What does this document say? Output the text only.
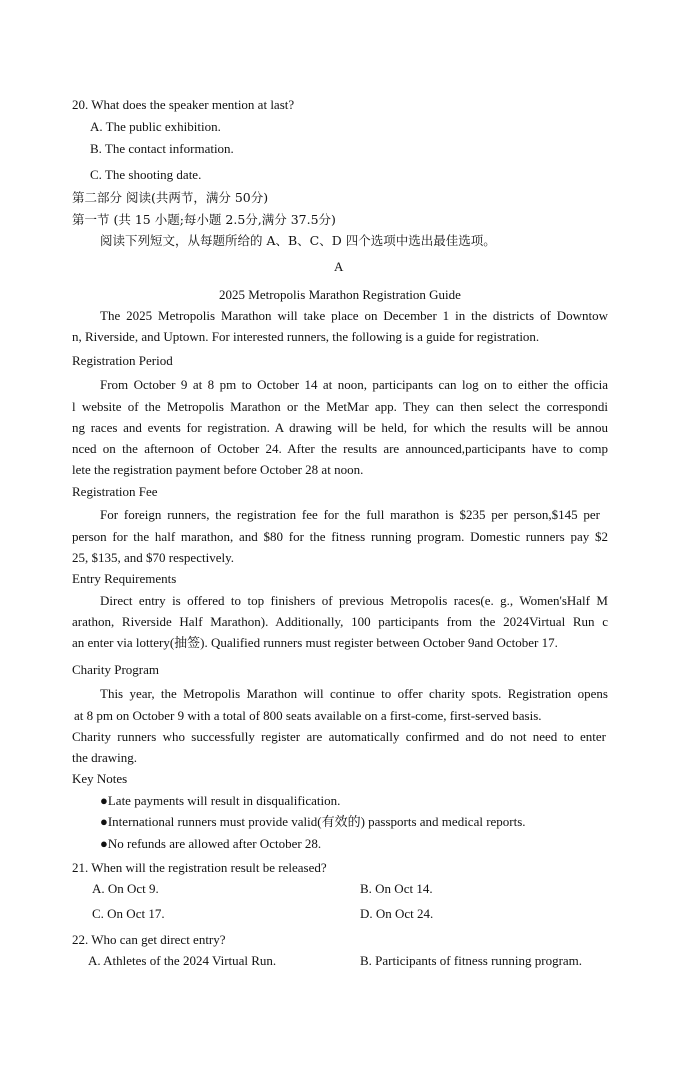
20. What does the speaker mention at last?
A. The public exhibition.
B. The contact information.
C. The shooting date.
第二部分 阅读(共两节，满分 50分)
第一节 (共 15 小题;每小题 2.5分,满分 37.5分)
阅读下列短文，从每题所给的 A、B、C、D 四个选项中选出最佳选项。
A
2025 Metropolis Marathon Registration Guide
The 2025 Metropolis Marathon will take place on December 1 in the districts of Downtow
n, Riverside, and Uptown. For interested runners, the following is a guide for registration.
Registration Period
From October 9 at 8 pm to October 14 at noon, participants can log on to either the officia
l website of the Metropolis Marathon or the MetMar app. They can then select the correspondi
ng races and events for registration. A drawing will be held, for which the results will be annou
nced on the afternoon of October 24. After the results are announced,participants have to comp
lete the registration payment before October 28 at noon.
Registration Fee
For foreign runners, the registration fee for the full marathon is $235 per person,$145 per
person for the half marathon, and $80 for the fitness running program. Domestic runners pay $2
25, $135, and $70 respectively.
Entry Requirements
Direct entry is offered to top finishers of previous Metropolis races(e. g., Women'sHalf M
arathon, Riverside Half Marathon). Additionally, 100 participants from the 2024Virtual Run c
an enter via lottery(抽签). Qualified runners must register between October 9and October 17.
Charity Program
This year, the Metropolis Marathon will continue to offer charity spots. Registration opens
at 8 pm on October 9 with a total of 800 seats available on a first-come, first-served basis.
Charity runners who successfully register are automatically confirmed and do not need to enter
the drawing.
Key Notes
●Late payments will result in disqualification.
●International runners must provide valid(有效的) passports and medical reports.
●No refunds are allowed after October 28.
21. When will the registration result be released?
A. On Oct 9.	B. On Oct 14.
C. On Oct 17.	D. On Oct 24.
22. Who can get direct entry?
A. Athletes of the 2024 Virtual Run.	B. Participants of fitness running program.
